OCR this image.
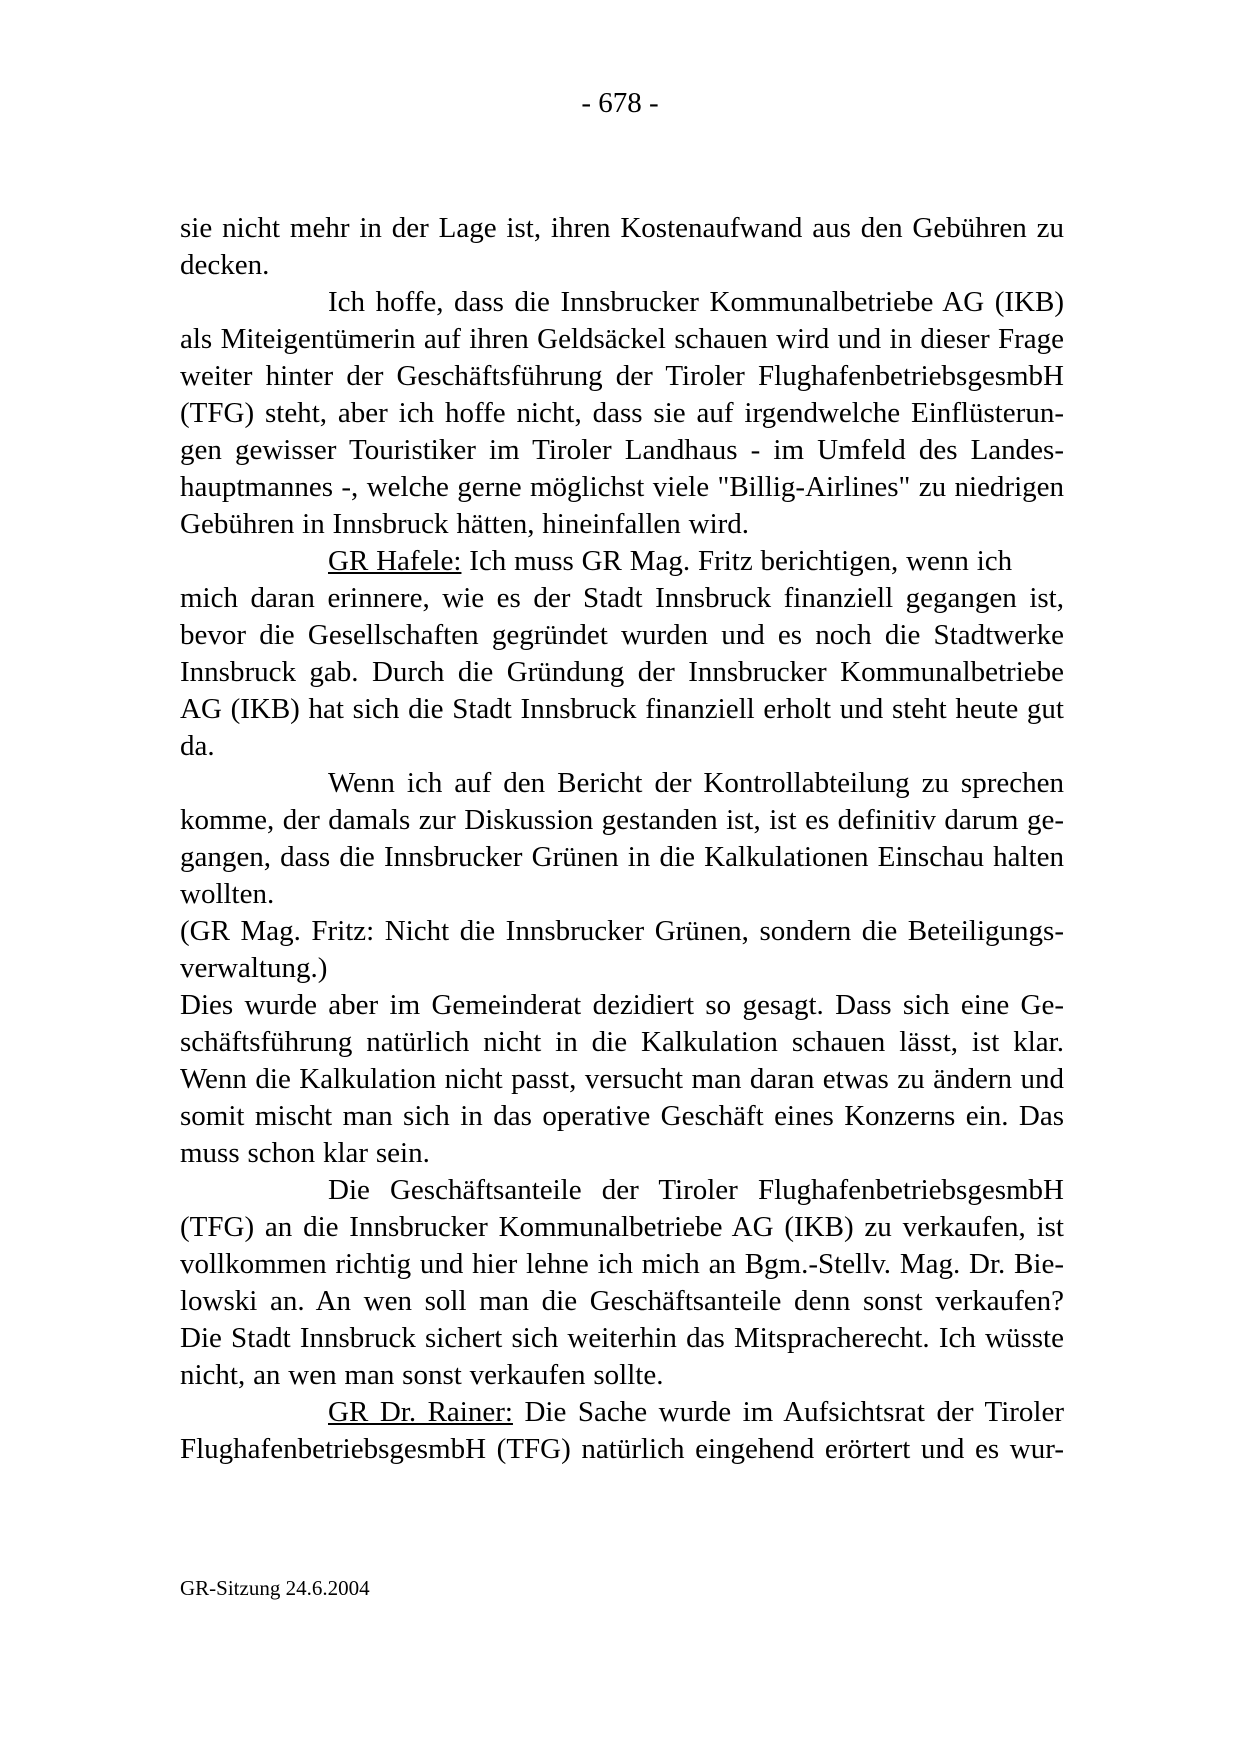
- 678 -
sie nicht mehr in der Lage ist, ihren Kostenaufwand aus den Gebühren zu
decken.
Ich hoffe, dass die Innsbrucker Kommunalbetriebe AG (IKB)
als Miteigentümerin auf ihren Geldsäckel schauen wird und in dieser Frage
weiter hinter der Geschäftsführung der Tiroler FlughafenbetriebsgesmbH
(TFG) steht, aber ich hoffe nicht, dass sie auf irgendwelche Einflüsterun-
gen gewisser Touristiker im Tiroler Landhaus - im Umfeld des Landes-
hauptmannes -, welche gerne möglichst viele "Billig-Airlines" zu niedrigen
Gebühren in Innsbruck hätten, hineinfallen wird.
GR Hafele: Ich muss GR Mag. Fritz berichtigen, wenn ich
mich daran erinnere, wie es der Stadt Innsbruck finanziell gegangen ist,
bevor die Gesellschaften gegründet wurden und es noch die Stadtwerke
Innsbruck gab. Durch die Gründung der Innsbrucker Kommunalbetriebe
AG (IKB) hat sich die Stadt Innsbruck finanziell erholt und steht heute gut
da.
Wenn ich auf den Bericht der Kontrollabteilung zu sprechen
komme, der damals zur Diskussion gestanden ist, ist es definitiv darum ge-
gangen, dass die Innsbrucker Grünen in die Kalkulationen Einschau halten
wollten.
(GR Mag. Fritz: Nicht die Innsbrucker Grünen, sondern die Beteiligungs-
verwaltung.)
Dies wurde aber im Gemeinderat dezidiert so gesagt. Dass sich eine Ge-
schäftsführung natürlich nicht in die Kalkulation schauen lässt, ist klar.
Wenn die Kalkulation nicht passt, versucht man daran etwas zu ändern und
somit mischt man sich in das operative Geschäft eines Konzerns ein. Das
muss schon klar sein.
Die Geschäftsanteile der Tiroler FlughafenbetriebsgesmbH
(TFG) an die Innsbrucker Kommunalbetriebe AG (IKB) zu verkaufen, ist
vollkommen richtig und hier lehne ich mich an Bgm.-Stellv. Mag. Dr. Bie-
lowski an. An wen soll man die Geschäftsanteile denn sonst verkaufen?
Die Stadt Innsbruck sichert sich weiterhin das Mitspracherecht. Ich wüsste
nicht, an wen man sonst verkaufen sollte.
GR Dr. Rainer: Die Sache wurde im Aufsichtsrat der Tiroler
FlughafenbetriebsgesmbH (TFG) natürlich eingehend erörtert und es wur-
GR-Sitzung 24.6.2004
